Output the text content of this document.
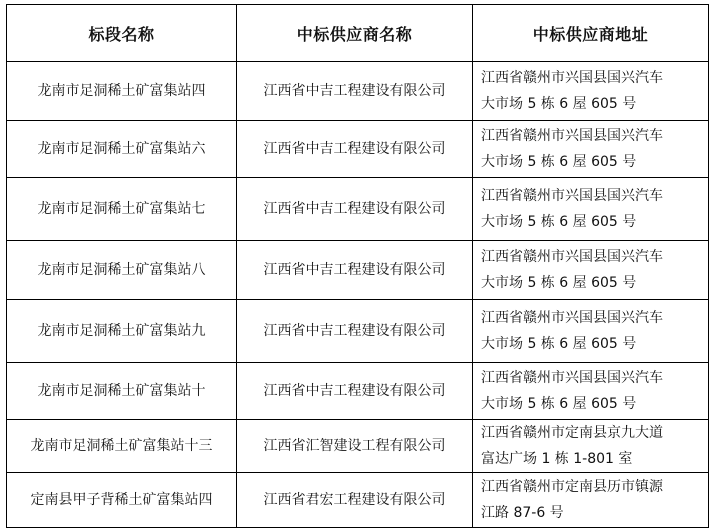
标段名称	中标供应商名称	中标供应商地址
龙南市足洞稀土矿富集站四	江西省中吉工程建设有限公司	江西省赣州市兴国县国兴汽车
大市场 5 栋 6 屋 605 号

龙南市足洞稀土矿富集站六	江西省中吉工程建设有限公司	江西省赣州市兴国县国兴汽车
大市场 5 栋 6 屋 605 号

龙南市足洞稀土矿富集站七	江西省中吉工程建设有限公司	江西省赣州市兴国县国兴汽车
大市场 5 栋 6 屋 605 号

龙南市足洞稀土矿富集站八	江西省中吉工程建设有限公司	江西省赣州市兴国县国兴汽车
大市场 5 栋 6 屋 605 号

龙南市足洞稀土矿富集站九	江西省中吉工程建设有限公司	江西省赣州市兴国县国兴汽车
大市场 5 栋 6 屋 605 号

龙南市足洞稀土矿富集站十	江西省中吉工程建设有限公司	江西省赣州市兴国县国兴汽车
大市场 5 栋 6 屋 605 号

龙南市足洞稀土矿富集站十三	江西省汇智建设工程有限公司	江西省赣州市定南县京九大道
富达广场 1 栋 1-801 室

定南县甲子背稀土矿富集站四	江西省君宏工程建设有限公司	江西省赣州市定南县历市镇源
江路 87-6 号
